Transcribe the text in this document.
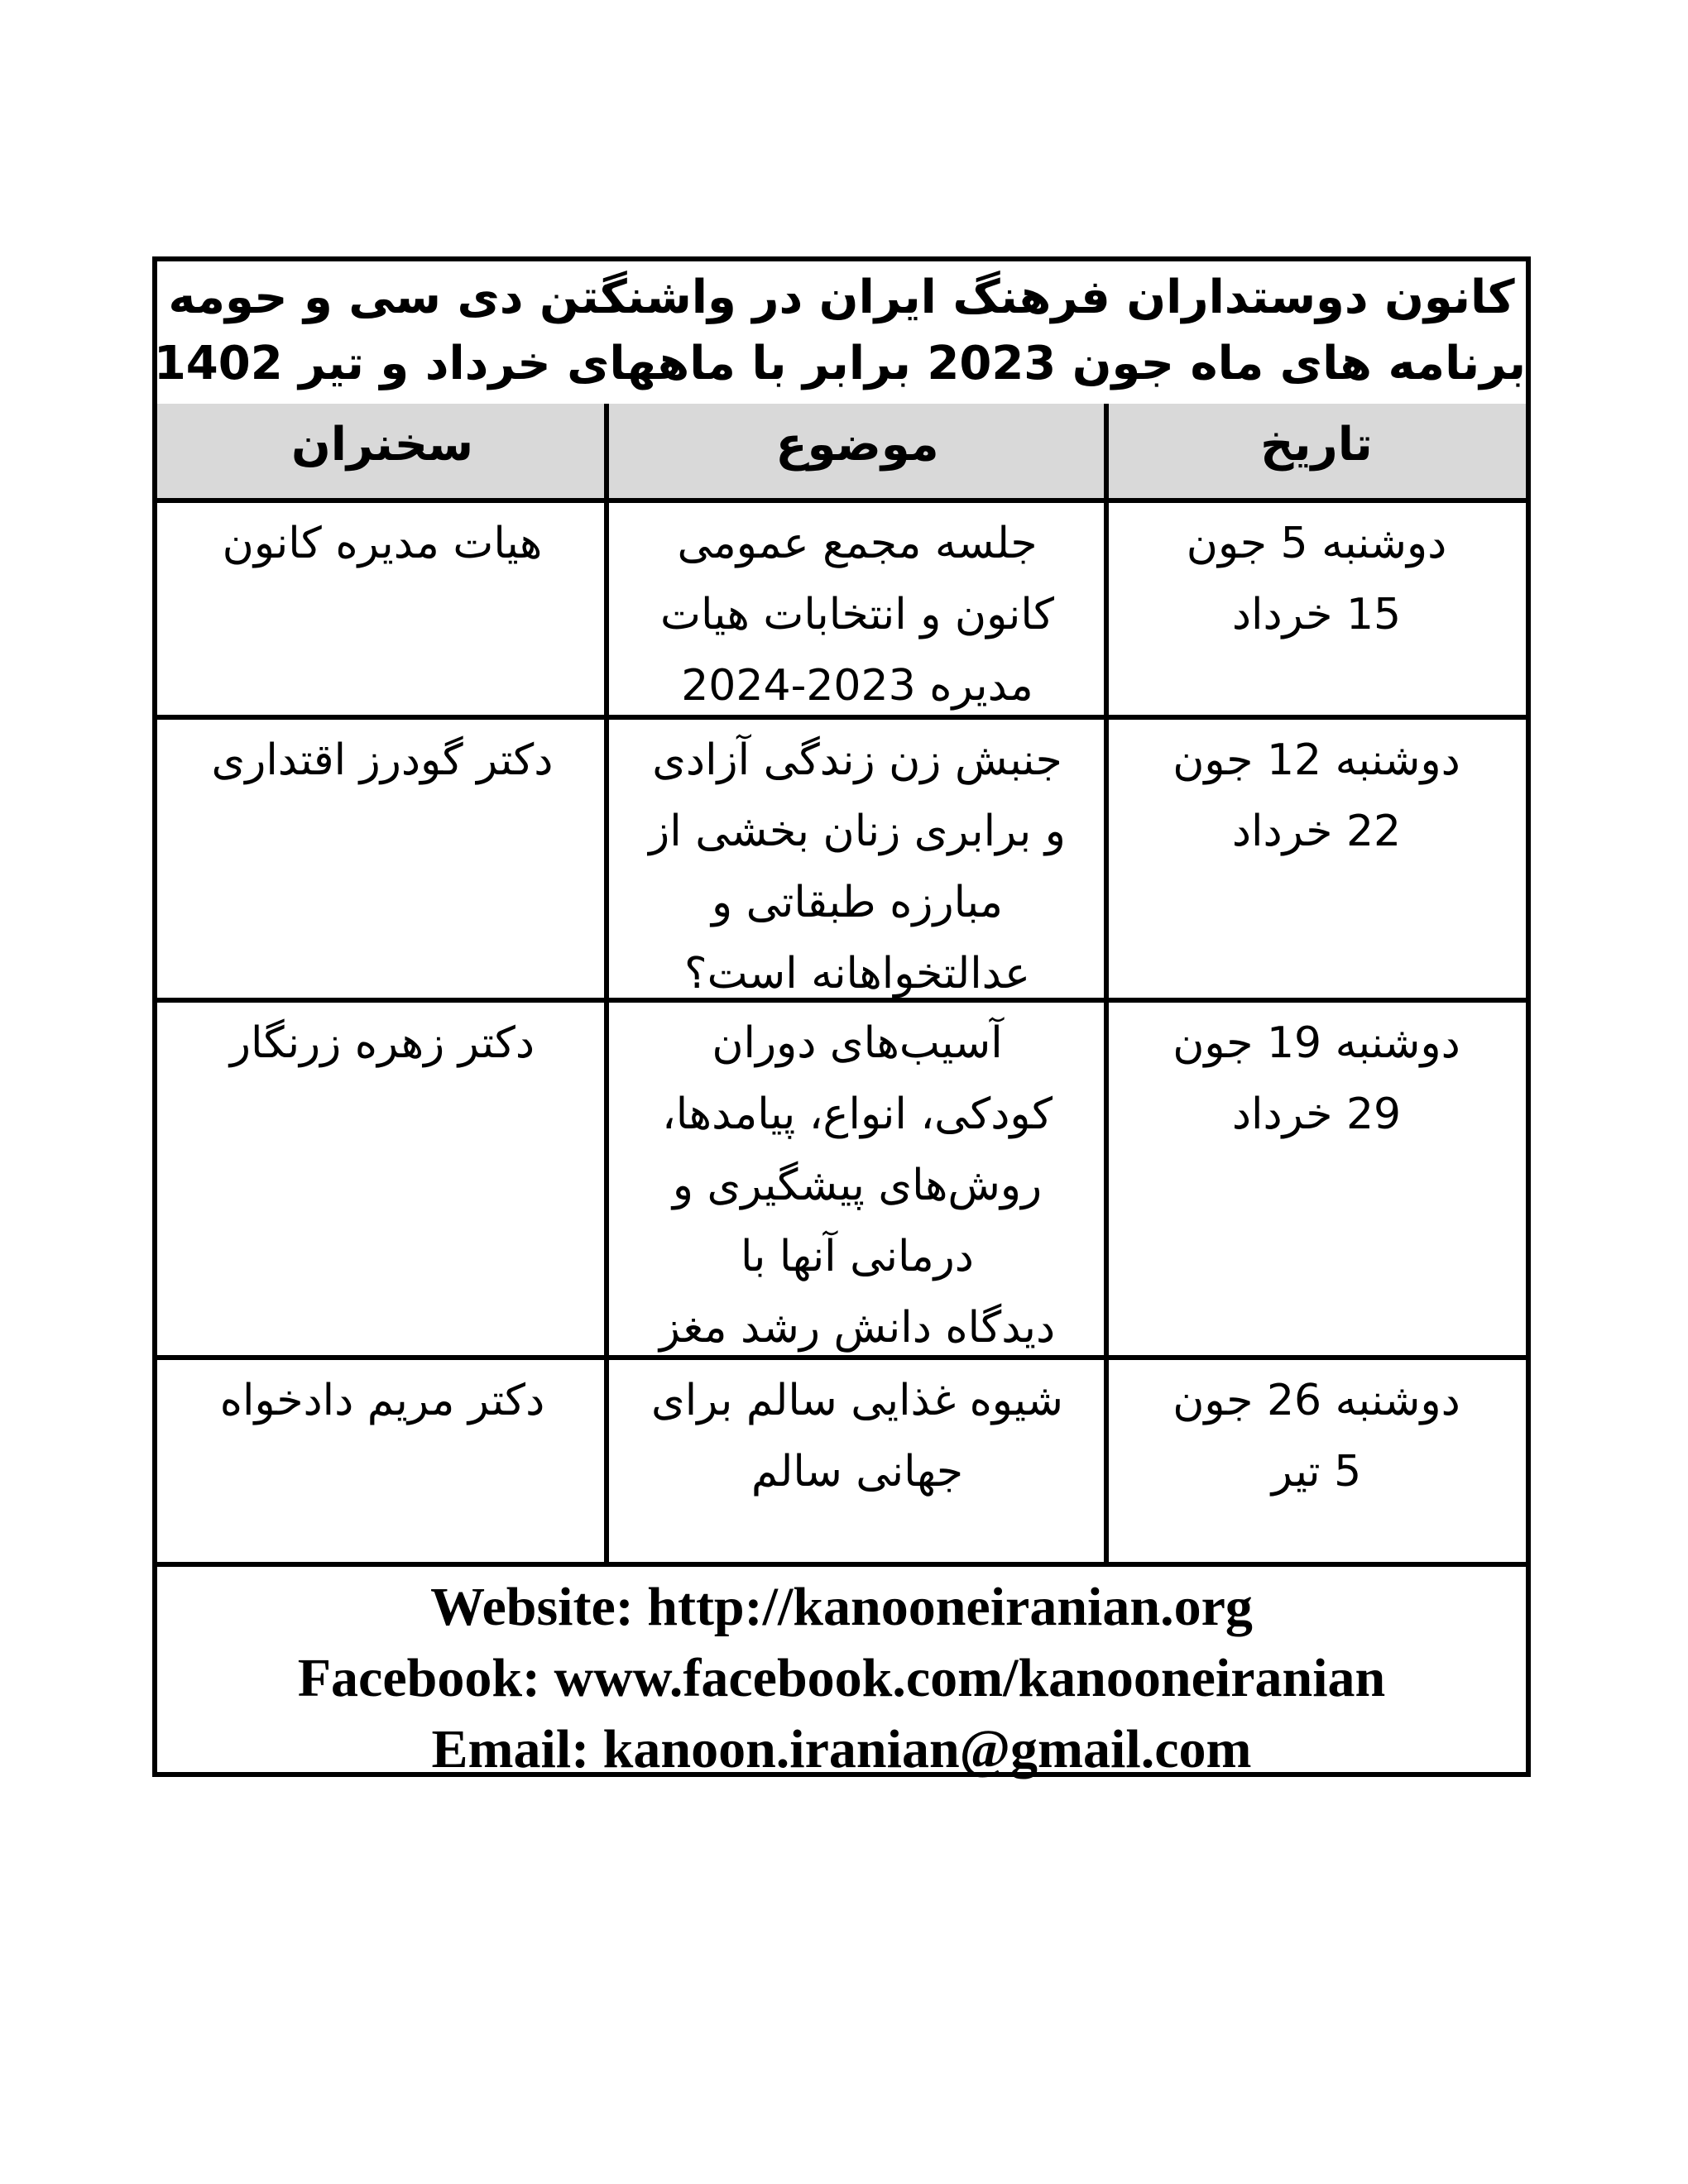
کانون دوستداران فرهنگ ایران در واشنگتن دی سی و حومه
برنامه های ماه جون 2023 برابر با ماههای خرداد و تیر 1402
تاریخ
موضوع
سخنران
دوشنبه 5 جون
15 خرداد
جلسه مجمع عمومی
کانون و انتخابات هیات
مدیره 2023-2024
هیات مدیره کانون
دوشنبه 12 جون
22 خرداد
جنبش زن زندگی آزادی
و برابری زنان بخشی از
مبارزه طبقاتی و
عدالتخواهانه است؟
دکتر گودرز اقتداری
دوشنبه 19 جون
29 خرداد
آسیب‌های دوران
کودکی، انواع، پیامدها،
روش‌های پیشگیری و
درمانی آنها با
دیدگاه دانش رشد مغز
دکتر زهره زرنگار
دوشنبه 26 جون
5 تیر
شیوه غذایی سالم برای
جهانی سالم
دکتر مریم دادخواه
Website: http://kanooneiranian.org
Facebook: www.facebook.com/kanooneiranian
Email: kanoon.iranian@gmail.com
